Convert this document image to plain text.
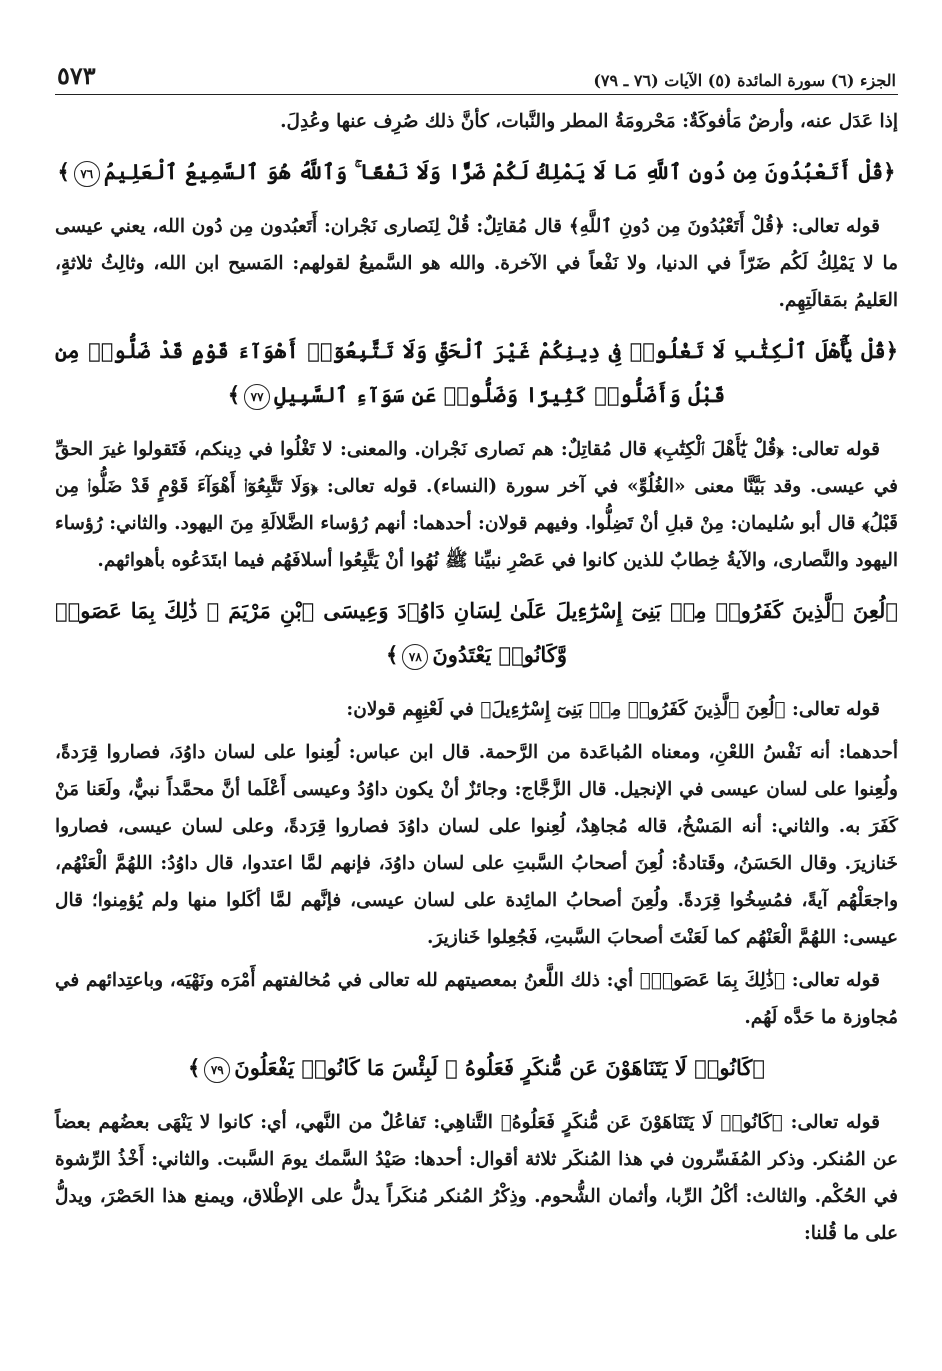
الجزء (٦) سورة المائدة (٥) الآيات (٧٦ ـ ٧٩)
٥٧٣

إذا عَدَل عنه، وأرضٌ مَأفوكَةٌ: مَحْرومَةُ المطر والنَّبات، كأنَّ ذلك صُرِف عنها وعُدِلَ.

﴿قُلْ أَتَعْبُدُونَ مِن دُونِ ٱللَّهِ مَا لَا يَمْلِكُ لَكُمْ ضَرًّا وَلَا نَفْعًا ۚ وَٱللَّهُ هُوَ ٱلسَّمِيعُ ٱلْعَلِيمُ٧٦﴾

قوله تعالى: ﴿قُلْ أَتَعْبُدُونَ مِن دُونِ ٱللَّهِ﴾ قال مُقاتِلٌ: قُلْ لِنَصارى نَجْران: أَتَعبُدون مِن دُون الله، يعني عيسى ما لا يَمْلِكُ لَكُم ضَرّاً في الدنيا، ولا نَفْعاً في الآخرة. والله هو السَّميعُ لقولهم: المَسيح ابن الله، وثالِثُ ثلاثةٍ، العَليمُ بمَقالَتِهِم.

﴿قُلْ يَٰٓأَهْلَ ٱلْكِتَٰبِ لَا تَغْلُوا۟ فِى دِينِكُمْ غَيْرَ ٱلْحَقِّ وَلَا تَتَّبِعُوٓا۟ أَهْوَآءَ قَوْمٍ قَدْ ضَلُّوا۟ مِن قَبْلُ وَأَضَلُّوا۟ كَثِيرًا وَضَلُّوا۟ عَن سَوَآءِ ٱلسَّبِيلِ٧٧﴾

قوله تعالى: ﴿قُلْ يَٰٓأَهْلَ ٱلْكِتَٰبِ﴾ قال مُقاتِلٌ: هم نَصارى نَجْران. والمعنى: لا تَغْلُوا في دِينكم، فَتَقولوا غيرَ الحقِّ في عيسى. وقد بَيَّنَّا معنى «الغُلُوِّ» في آخر سورة (النساء). قوله تعالى: ﴿وَلَا تَتَّبِعُوٓا۟ أَهْوَآءَ قَوْمٍ قَدْ ضَلُّوا۟ مِن قَبْلُ﴾ قال أبو سُليمان: مِنْ قبلِ أنْ تَضِلُّوا. وفيهم قولان: أحدهما: أنهم رُؤساء الضَّلالَةِ مِنَ اليهود. والثاني: رُؤساء اليهود والنَّصارى، والآيةُ خِطابٌ للذين كانوا في عَصْرِ نبيِّنا ﷺ نُهُوا أنْ يَتَّبِعُوا أسلافَهُم فيما ابتَدَعُوه بأهوائهم.

﴿لُعِنَ ٱلَّذِينَ كَفَرُوا۟ مِنۢ بَنِىٓ إِسْرَٰٓءِيلَ عَلَىٰ لِسَانِ دَاوُۥدَ وَعِيسَى ٱبْنِ مَرْيَمَ ۚ ذَٰلِكَ بِمَا عَصَوا۟ وَّكَانُوا۟ يَعْتَدُونَ٧٨﴾

قوله تعالى: ﴿لُعِنَ ٱلَّذِينَ كَفَرُوا۟ مِنۢ بَنِىٓ إِسْرَٰٓءِيلَ﴾ في لَعْنِهِم قولان:

أحدهما: أنه نَفْسُ اللعْنِ، ومعناه المُباعَدة من الرَّحمة. قال ابن عباس: لُعِنوا على لسان داوُدَ، فصاروا قِرَدةً، ولُعِنوا على لسان عيسى في الإنجيل. قال الزَّجَّاج: وجائزٌ أنْ يكون داوُدُ وعيسى أَعْلَما أنَّ محمَّداً نبيٌّ، ولَعَنا مَنْ كَفَرَ به. والثاني: أنه المَسْخُ، قاله مُجاهِدٌ، لُعِنوا على لسان داوُدَ فصاروا قِرَدةً، وعلى لسان عيسى، فصاروا خَنازيرَ. وقال الحَسَنُ، وقَتادةُ: لُعِنَ أصحابُ السَّبتِ على لسان داوُدَ، فإنهم لمَّا اعتدوا، قال داوُدُ: اللهُمَّ الْعَنْهُم، واجعَلْهُم آيةً، فمُسِخُوا قِرَدةً. ولُعِنَ أصحابُ المائِدة على لسان عيسى، فإنَّهم لمَّا أكَلوا منها ولم يُؤمِنوا؛ قال عيسى: اللهُمَّ الْعَنْهُم كما لَعَنْتَ أصحابَ السَّبتِ، فَجُعِلوا خَنازيرَ.

قوله تعالى: ﴿ذَٰلِكَ بِمَا عَصَوا۟﴾ أي: ذلك اللَّعنُ بمعصيتهم لله تعالى في مُخالفتهم أَمْرَه ونَهْيَه، وباعتِدائهم في مُجاوزة ما حَدَّه لَهُم.

﴿كَانُوا۟ لَا يَتَنَاهَوْنَ عَن مُّنكَرٍ فَعَلُوهُ ۚ لَبِئْسَ مَا كَانُوا۟ يَفْعَلُونَ٧٩﴾

قوله تعالى: ﴿كَانُوا۟ لَا يَتَنَاهَوْنَ عَن مُّنكَرٍ فَعَلُوهُ﴾ التَّناهِي: تَفاعُلٌ من النَّهي، أي: كانوا لا يَنْهَى بعضُهم بعضاً عن المُنكر. وذكر المُفَسِّرون في هذا المُنكَر ثلاثة أقوال: أحدها: صَيْدُ السَّمك يومَ السَّبت. والثاني: أَخْذُ الرِّشوة في الحُكْم. والثالث: أكْلُ الرِّبا، وأثمان الشُّحوم. وذِكْرُ المُنكر مُنكَراً يدلُّ على الإطْلاق، ويمنع هذا الحَصْرَ، ويدلُّ على ما قُلنا:
